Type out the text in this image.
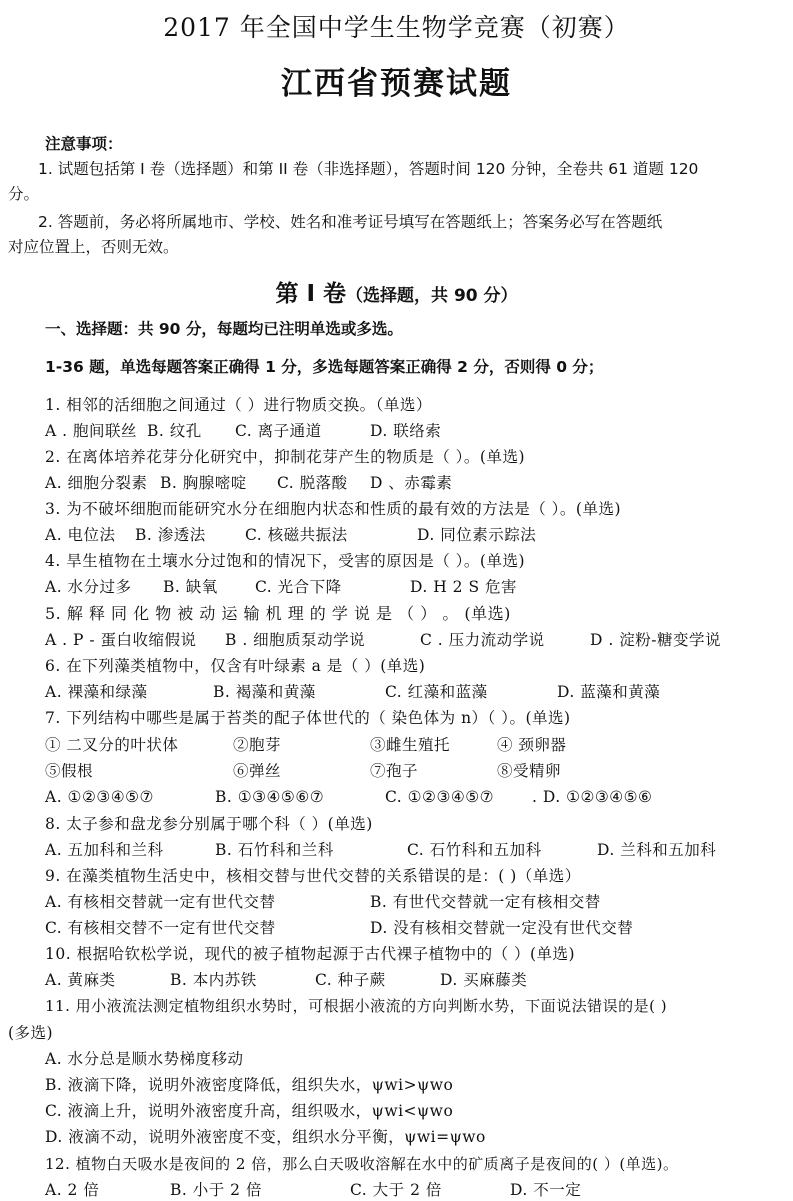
2017 年全国中学生生物学竞赛（初赛）
江西省预赛试题
注意事项：
1. 试题包括第 I 卷（选择题）和第 II 卷（非选择题），答题时间 120 分钟，全卷共 61 道题 120
分。
2. 答题前，务必将所属地市、学校、姓名和准考证号填写在答题纸上；答案务必写在答题纸
对应位置上，否则无效。
第 I 卷（选择题，共 90 分）
一、选择题：共 90 分，每题均已注明单选或多选。
1-36 题，单选每题答案正确得 1 分，多选每题答案正确得 2 分，否则得 0 分；
1. 相邻的活细胞之间通过（ ）进行物质交换。（单选）
A . 胞间联丝 B. 纹孔 C. 离子通道	D. 联络索
2. 在离体培养花芽分化研究中，抑制花芽产生的物质是（ ）。(单选)
A. 细胞分裂素 B. 胸腺嘧啶 C. 脱落酸 D 、赤霉素
3. 为不破坏细胞而能研究水分在细胞内状态和性质的最有效的方法是（ ）。(单选)
A. 电位法 B. 渗透法	C. 核磁共振法	D. 同位素示踪法
4. 旱生植物在土壤水分过饱和的情况下，受害的原因是（ ）。(单选)
A. 水分过多 B. 缺氧 C. 光合下降	D. H 2 S 危害
5. 解 释 同 化 物 被 动 运 输 机 理 的 学 说 是 （ ） 。 (单选)
A . P - 蛋白收缩假说 B . 细胞质泵动学说	C . 压力流动学说	D . 淀粉-糖变学说
6. 在下列藻类植物中，仅含有叶绿素 a 是（ ）(单选)
A. 裸藻和绿藻	B. 褐藻和黄藻	C. 红藻和蓝藻	D. 蓝藻和黄藻
7. 下列结构中哪些是属于苔类的配子体世代的（ 染色体为 n）（ ）。(单选)
① 二叉分的叶状体	②胞芽	③雌生殖托	④ 颈卵器
⑤假根	⑥弹丝	⑦孢子	⑧受精卵
A. ①②③④⑤⑦	B. ①③④⑤⑥⑦	C. ①②③④⑤⑦ . D. ①②③④⑤⑥
8. 太子参和盘龙参分别属于哪个科（ ）(单选)
A. 五加科和兰科	B. 石竹科和兰科	C. 石竹科和五加科	D. 兰科和五加科
9. 在藻类植物生活史中，核相交替与世代交替的关系错误的是：( )（单选）
A. 有核相交替就一定有世代交替	B. 有世代交替就一定有核相交替
C. 有核相交替不一定有世代交替	D. 没有核相交替就一定没有世代交替
10. 根据哈钦松学说，现代的被子植物起源于古代裸子植物中的（ ）(单选)
A. 黄麻类	B. 本内苏铁	C. 种子蕨	D. 买麻藤类
11. 用小液流法测定植物组织水势时，可根据小液流的方向判断水势，下面说法错误的是( )
(多选)
A. 水分总是顺水势梯度移动
B. 液滴下降，说明外液密度降低，组织失水，ψwi>ψwo
C. 液滴上升，说明外液密度升高，组织吸水，ψwi<ψwo
D. 液滴不动，说明外液密度不变，组织水分平衡，ψwi=ψwo
12. 植物白天吸水是夜间的 2 倍，那么白天吸收溶解在水中的矿质离子是夜间的( ）(单选)。
A. 2 倍	B. 小于 2 倍	C. 大于 2 倍	D. 不一定
